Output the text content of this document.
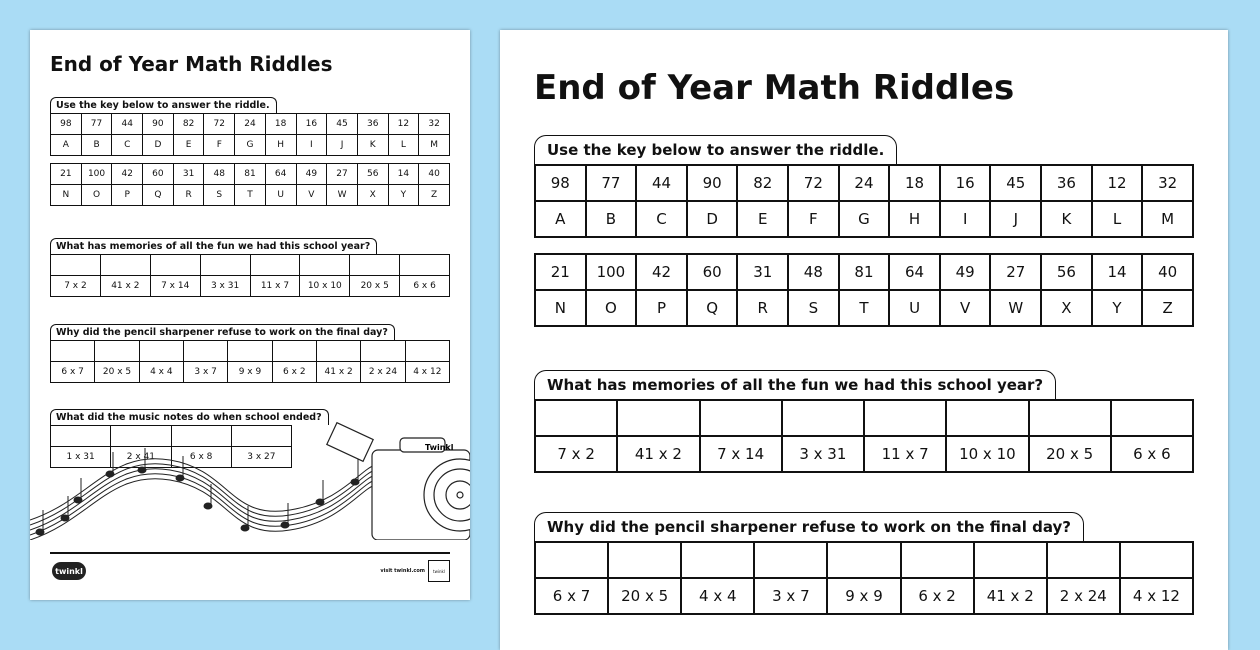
End of Year Math Riddles
Use the key below to answer the riddle.
98	77	44	90	82	72	24	18	16	45	36	12	32
A	B	C	D	E	F	G	H	I	J	K	L	M
21	100	42	60	31	48	81	64	49	27	56	14	40
N	O	P	Q	R	S	T	U	V	W	X	Y	Z
What has memories of all the fun we had this school year?

7 x 2	41 x 2	7 x 14	3 x 31	11 x 7	10 x 10	20 x 5	6 x 6
Why did the pencil sharpener refuse to work on the final day?

6 x 7	20 x 5	4 x 4	3 x 7	9 x 9	6 x 2	41 x 2	2 x 24	4 x 12
What did the music notes do when school ended?

1 x 31	2 x 41	6 x 8	3 x 27
Twinkl
twinkl	visit twinkl.com	twinkl
End of Year Math Riddles
Use the key below to answer the riddle.
98	77	44	90	82	72	24	18	16	45	36	12	32
A	B	C	D	E	F	G	H	I	J	K	L	M
21	100	42	60	31	48	81	64	49	27	56	14	40
N	O	P	Q	R	S	T	U	V	W	X	Y	Z
What has memories of all the fun we had this school year?

7 x 2	41 x 2	7 x 14	3 x 31	11 x 7	10 x 10	20 x 5	6 x 6
Why did the pencil sharpener refuse to work on the final day?

6 x 7	20 x 5	4 x 4	3 x 7	9 x 9	6 x 2	41 x 2	2 x 24	4 x 12
